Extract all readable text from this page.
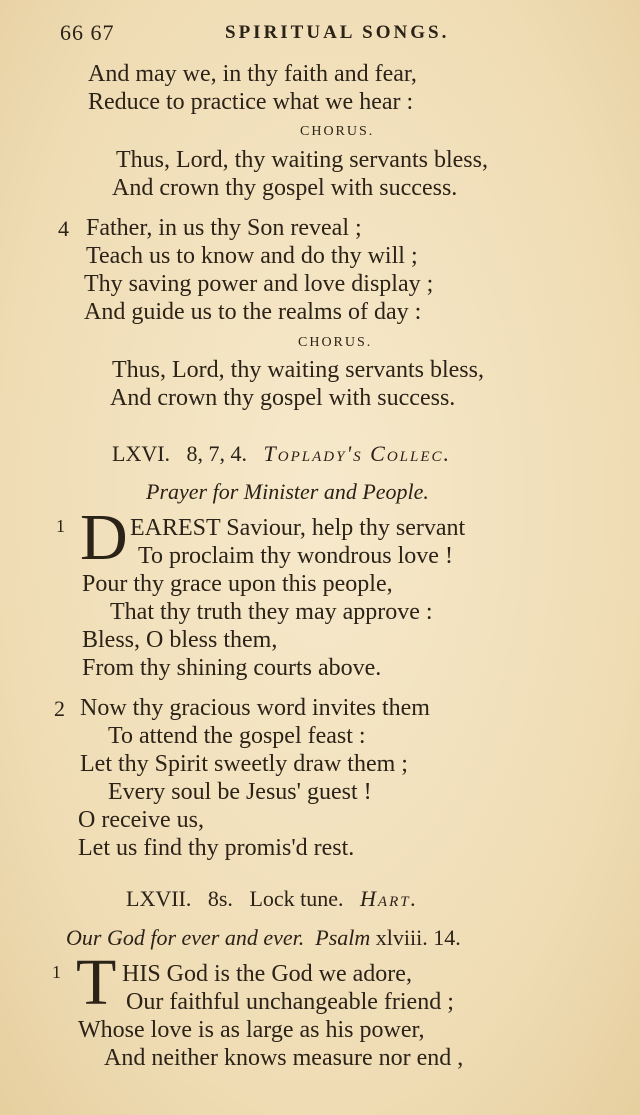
66 67	SPIRITUAL SONGS.
And may we, in thy faith and fear,
Reduce to practice what we hear :
CHORUS.
Thus, Lord, thy waiting servants bless,
And crown thy gospel with success.
4 Father, in us thy Son reveal ;
Teach us to know and do thy will ;
Thy saving power and love display ;
And guide us to the realms of day :
CHORUS.
Thus, Lord, thy waiting servants bless,
And crown thy gospel with success.
LXVI. 8, 7, 4. Toplady's Collec.
Prayer for Minister and People.
1 D EAREST Saviour, help thy servant
To proclaim thy wondrous love !
Pour thy grace upon this people,
That thy truth they may approve :
Bless, O bless them,
From thy shining courts above.
2 Now thy gracious word invites them
To attend the gospel feast :
Let thy Spirit sweetly draw them ;
Every soul be Jesus' guest !
O receive us,
Let us find thy promis'd rest.
LXVII. 8s. Lock tune. Hart.
Our God for ever and ever. Psalm xlviii. 14.
1 T HIS God is the God we adore,
Our faithful unchangeable friend ;
Whose love is as large as his power,
And neither knows measure nor end ,
